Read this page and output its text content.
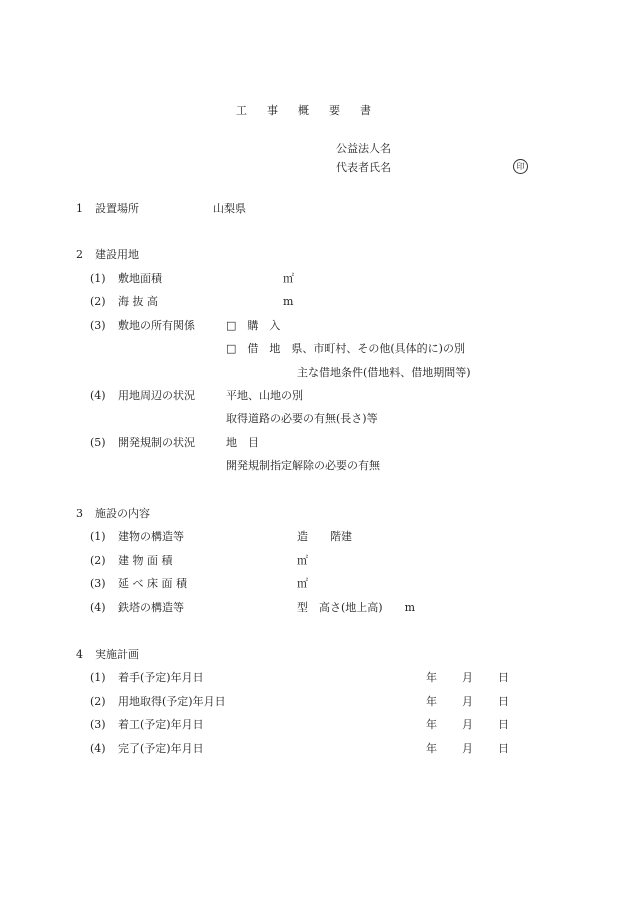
工事概要書
公益法人名
代表者氏名	印
1 設置場所	山梨県
2 建設用地
(1) 敷地面積	㎡
(2) 海 抜 高	m
(3) 敷地の所有関係	□　購　入
□　借　地　県、市町村、その他(具体的に)の別
主な借地条件(借地料、借地期間等)
(4) 用地周辺の状況	平地、山地の別
取得道路の必要の有無(長さ)等
(5) 開発規制の状況	地　目
開発規制指定解除の必要の有無
3 施設の内容
(1) 建物の構造等	造　　階建
(2) 建 物 面 積	㎡
(3) 延 べ 床 面 積	㎡
(4) 鉄塔の構造等	型　高さ(地上高)　　m
4 実施計画
(1) 着手(予定)年月日	年 月 日
(2) 用地取得(予定)年月日	年 月 日
(3) 着工(予定)年月日	年 月 日
(4) 完了(予定)年月日	年 月 日
